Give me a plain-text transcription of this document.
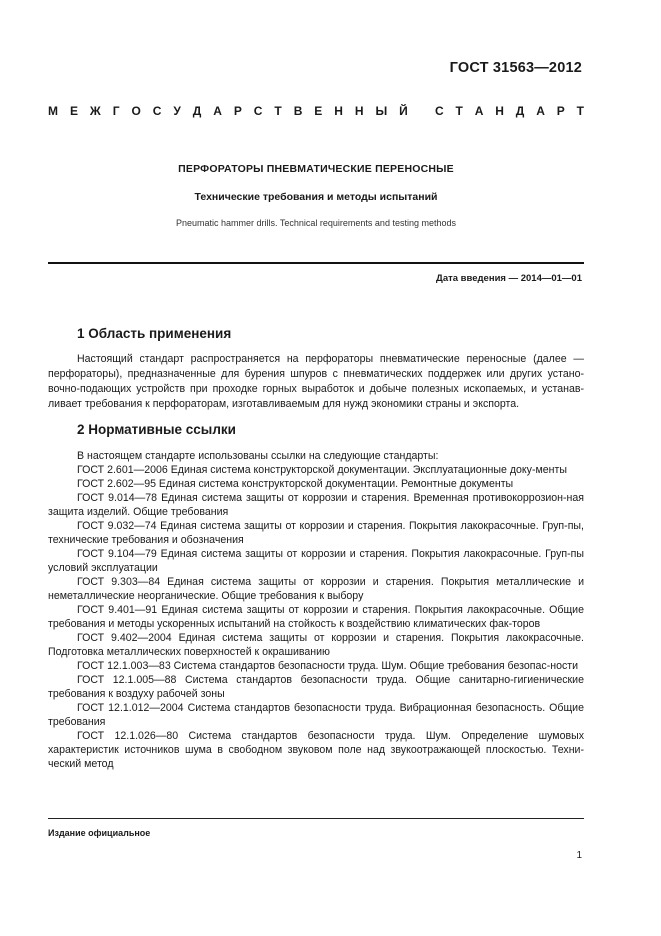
ГОСТ 31563—2012
М Е Ж Г О С У Д А Р С Т В Е Н Н Ы Й С Т А Н Д А Р Т
ПЕРФОРАТОРЫ ПНЕВМАТИЧЕСКИЕ ПЕРЕНОСНЫЕ
Технические требования и методы испытаний
Pneumatic hammer drills. Technical requirements and testing methods
Дата введения — 2014—01—01
1 Область применения
Настоящий стандарт распространяется на перфораторы пневматические переносные (далее — перфораторы), предназначенные для бурения шпуров с пневматических поддержек или других устано-вочно-подающих устройств при проходке горных выработок и добыче полезных ископаемых, и устанав-ливает требования к перфораторам, изготавливаемым для нужд экономики страны и экспорта.
2 Нормативные ссылки

В настоящем стандарте использованы ссылки на следующие стандарты:

ГОСТ 2.601—2006 Единая система конструкторской документации. Эксплуатационные доку-менты

ГОСТ 2.602—95 Единая система конструкторской документации. Ремонтные документы

ГОСТ 9.014—78 Единая система защиты от коррозии и старения. Временная противокоррозион-ная защита изделий. Общие требования

ГОСТ 9.032—74 Единая система защиты от коррозии и старения. Покрытия лакокрасочные. Груп-пы, технические требования и обозначения

ГОСТ 9.104—79 Единая система защиты от коррозии и старения. Покрытия лакокрасочные. Груп-пы условий эксплуатации

ГОСТ 9.303—84 Единая система защиты от коррозии и старения. Покрытия металлические и неметаллические неорганические. Общие требования к выбору

ГОСТ 9.401—91 Единая система защиты от коррозии и старения. Покрытия лакокрасочные. Общие требования и методы ускоренных испытаний на стойкость к воздействию климатических фак-торов

ГОСТ 9.402—2004 Единая система защиты от коррозии и старения. Покрытия лакокрасочные. Подготовка металлических поверхностей к окрашиванию

ГОСТ 12.1.003—83 Система стандартов безопасности труда. Шум. Общие требования безопас-ности

ГОСТ 12.1.005—88 Система стандартов безопасности труда. Общие санитарно-гигиенические требования к воздуху рабочей зоны

ГОСТ 12.1.012—2004 Система стандартов безопасности труда. Вибрационная безопасность. Общие требования

ГОСТ 12.1.026—80 Система стандартов безопасности труда. Шум. Определение шумовых характеристик источников шума в свободном звуковом поле над звукоотражающей плоскостью. Техни-ческий метод

Издание официальное
1
